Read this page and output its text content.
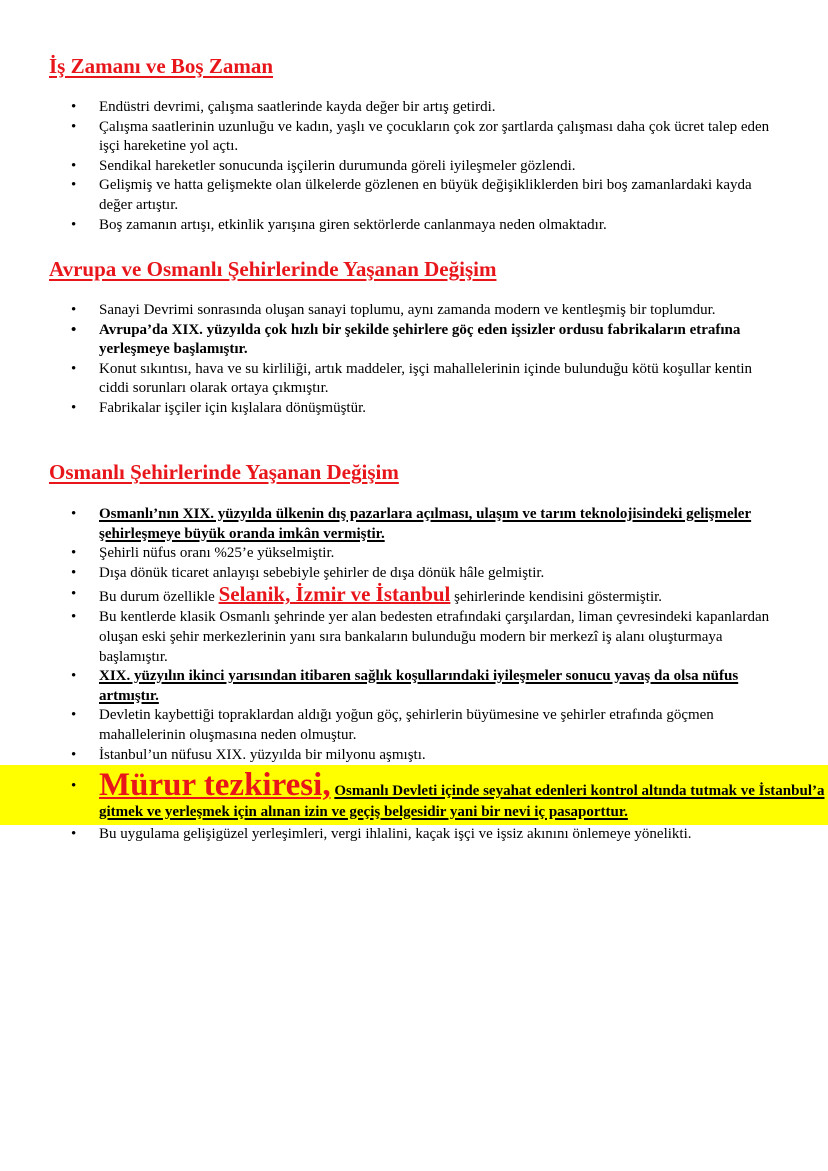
İş Zamanı ve Boş Zaman
• Endüstri devrimi, çalışma saatlerinde kayda değer bir artış getirdi.
• Çalışma saatlerinin uzunluğu ve kadın, yaşlı ve çocukların çok zor şartlarda çalışması daha çok ücret talep eden işçi hareketine yol açtı.
• Sendikal hareketler sonucunda işçilerin durumunda göreli iyileşmeler gözlendi.
• Gelişmiş ve hatta gelişmekte olan ülkelerde gözlenen en büyük değişikliklerden biri boş zamanlardaki kayda değer artıştır.
• Boş zamanın artışı, etkinlik yarışına giren sektörlerde canlanmaya neden olmaktadır.
Avrupa ve Osmanlı Şehirlerinde Yaşanan Değişim
• Sanayi Devrimi sonrasında oluşan sanayi toplumu, aynı zamanda modern ve kentleşmiş bir toplumdur.
• Avrupa’da XIX. yüzyılda çok hızlı bir şekilde şehirlere göç eden işsizler ordusu fabrikaların etrafına yerleşmeye başlamıştır.
• Konut sıkıntısı, hava ve su kirliliği, artık maddeler, işçi mahallelerinin içinde bulunduğu kötü koşullar kentin ciddi sorunları olarak ortaya çıkmıştır.
• Fabrikalar işçiler için kışlalara dönüşmüştür.
Osmanlı Şehirlerinde Yaşanan Değişim
• Osmanlı’nın XIX. yüzyılda ülkenin dış pazarlara açılması, ulaşım ve tarım teknolojisindeki gelişmeler şehirleşmeye büyük oranda imkân vermiştir.
• Şehirli nüfus oranı %25’e yükselmiştir.
• Dışa dönük ticaret anlayışı sebebiyle şehirler de dışa dönük hâle gelmiştir.
• Bu durum özellikle Selanik, İzmir ve İstanbul şehirlerinde kendisini göstermiştir.
• Bu kentlerde klasik Osmanlı şehrinde yer alan bedesten etrafındaki çarşılardan, liman çevresindeki kapanlardan oluşan eski şehir merkezlerinin yanı sıra bankaların bulunduğu modern bir merkezî iş alanı oluşturmaya başlamıştır.
• XIX. yüzyılın ikinci yarısından itibaren sağlık koşullarındaki iyileşmeler sonucu yavaş da olsa nüfus artmıştır.
• Devletin kaybettiği topraklardan aldığı yoğun göç, şehirlerin büyümesine ve şehirler etrafında göçmen mahallelerinin oluşmasına neden olmuştur.
• İstanbul’un nüfusu XIX. yüzyılda bir milyonu aşmıştı.
• Mürur tezkiresi, Osmanlı Devleti içinde seyahat edenleri kontrol altında tutmak ve İstanbul’a gitmek ve yerleşmek için alınan izin ve geçiş belgesidir yani bir nevi iç pasaporttur.
• Bu uygulama gelişigüzel yerleşimleri, vergi ihlalini, kaçak işçi ve işsiz akınını önlemeye yönelikti.
